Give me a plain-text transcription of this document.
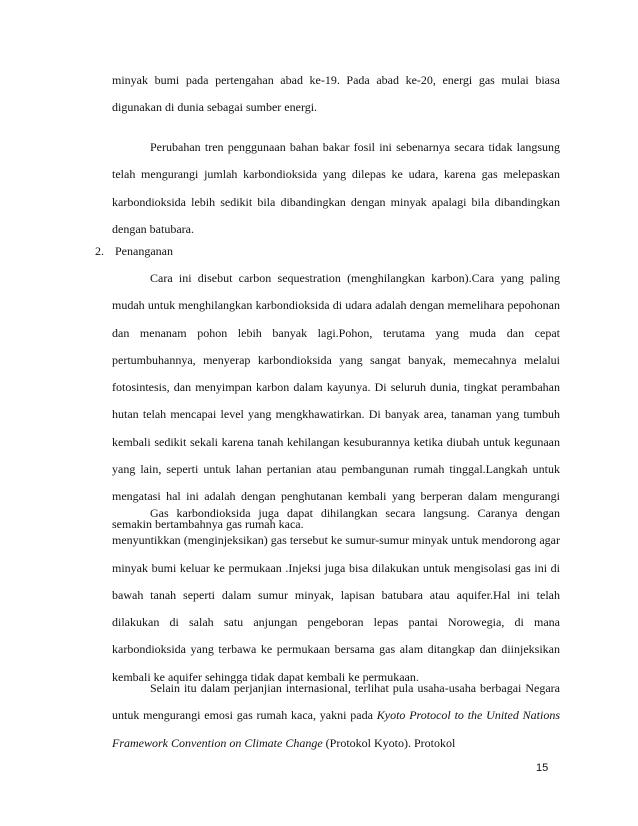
minyak bumi pada pertengahan abad ke-19. Pada abad ke-20, energi gas mulai biasa digunakan di dunia sebagai sumber energi.

Perubahan tren penggunaan bahan bakar fosil ini sebenarnya secara tidak langsung telah mengurangi jumlah karbondioksida yang dilepas ke udara, karena gas melepaskan karbondioksida lebih sedikit bila dibandingkan dengan minyak apalagi bila dibandingkan dengan batubara.

2. Penanganan

Cara ini disebut carbon sequestration (menghilangkan karbon).Cara yang paling mudah untuk menghilangkan karbondioksida di udara adalah dengan memelihara pepohonan dan menanam pohon lebih banyak lagi.Pohon, terutama yang muda dan cepat pertumbuhannya, menyerap karbondioksida yang sangat banyak, memecahnya melalui fotosintesis, dan menyimpan karbon dalam kayunya. Di seluruh dunia, tingkat perambahan hutan telah mencapai level yang mengkhawatirkan. Di banyak area, tanaman yang tumbuh kembali sedikit sekali karena tanah kehilangan kesuburannya ketika diubah untuk kegunaan yang lain, seperti untuk lahan pertanian atau pembangunan rumah tinggal.Langkah untuk mengatasi hal ini adalah dengan penghutanan kembali yang berperan dalam mengurangi semakin bertambahnya gas rumah kaca.

Gas karbondioksida juga dapat dihilangkan secara langsung. Caranya dengan menyuntikkan (menginjeksikan) gas tersebut ke sumur-sumur minyak untuk mendorong agar minyak bumi keluar ke permukaan .Injeksi juga bisa dilakukan untuk mengisolasi gas ini di bawah tanah seperti dalam sumur minyak, lapisan batubara atau aquifer.Hal ini telah dilakukan di salah satu anjungan pengeboran lepas pantai Norowegia, di mana karbondioksida yang terbawa ke permukaan bersama gas alam ditangkap dan diinjeksikan kembali ke aquifer sehingga tidak dapat kembali ke permukaan.

Selain itu dalam perjanjian internasional, terlihat pula usaha-usaha berbagai Negara untuk mengurangi emosi gas rumah kaca, yakni pada Kyoto Protocol to the United Nations Framework Convention on Climate Change (Protokol Kyoto). Protokol

15
